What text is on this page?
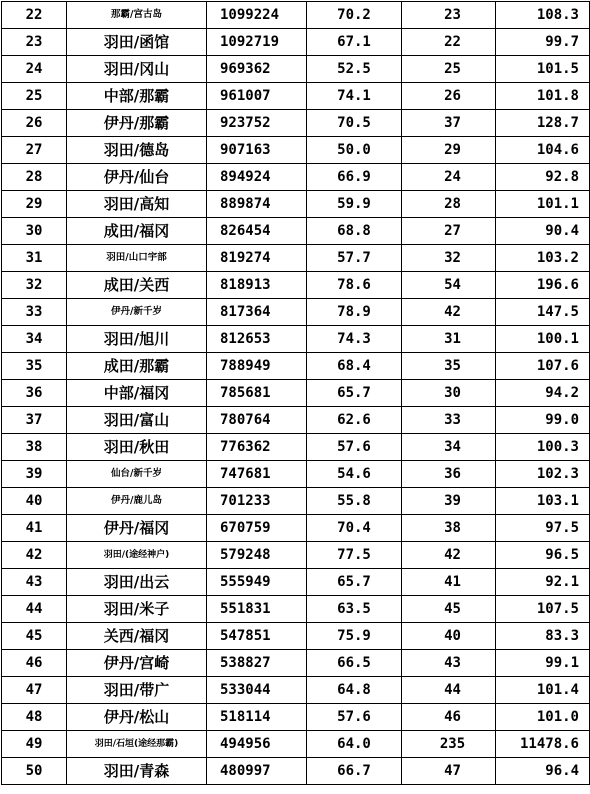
22	那霸/宫古岛	1099224	70.2	23	108.3
23	羽田/函馆	1092719	67.1	22	99.7
24	羽田/冈山	969362	52.5	25	101.5
25	中部/那霸	961007	74.1	26	101.8
26	伊丹/那霸	923752	70.5	37	128.7
27	羽田/德岛	907163	50.0	29	104.6
28	伊丹/仙台	894924	66.9	24	92.8
29	羽田/高知	889874	59.9	28	101.1
30	成田/福冈	826454	68.8	27	90.4
31	羽田/山口宇部	819274	57.7	32	103.2
32	成田/关西	818913	78.6	54	196.6
33	伊丹/新千岁	817364	78.9	42	147.5
34	羽田/旭川	812653	74.3	31	100.1
35	成田/那霸	788949	68.4	35	107.6
36	中部/福冈	785681	65.7	30	94.2
37	羽田/富山	780764	62.6	33	99.0
38	羽田/秋田	776362	57.6	34	100.3
39	仙台/新千岁	747681	54.6	36	102.3
40	伊丹/鹿儿岛	701233	55.8	39	103.1
41	伊丹/福冈	670759	70.4	38	97.5
42	羽田/(途经神户)	579248	77.5	42	96.5
43	羽田/出云	555949	65.7	41	92.1
44	羽田/米子	551831	63.5	45	107.5
45	关西/福冈	547851	75.9	40	83.3
46	伊丹/宫崎	538827	66.5	43	99.1
47	羽田/带广	533044	64.8	44	101.4
48	伊丹/松山	518114	57.6	46	101.0
49	羽田/石垣(途经那霸)	494956	64.0	235	11478.6
50	羽田/青森	480997	66.7	47	96.4
